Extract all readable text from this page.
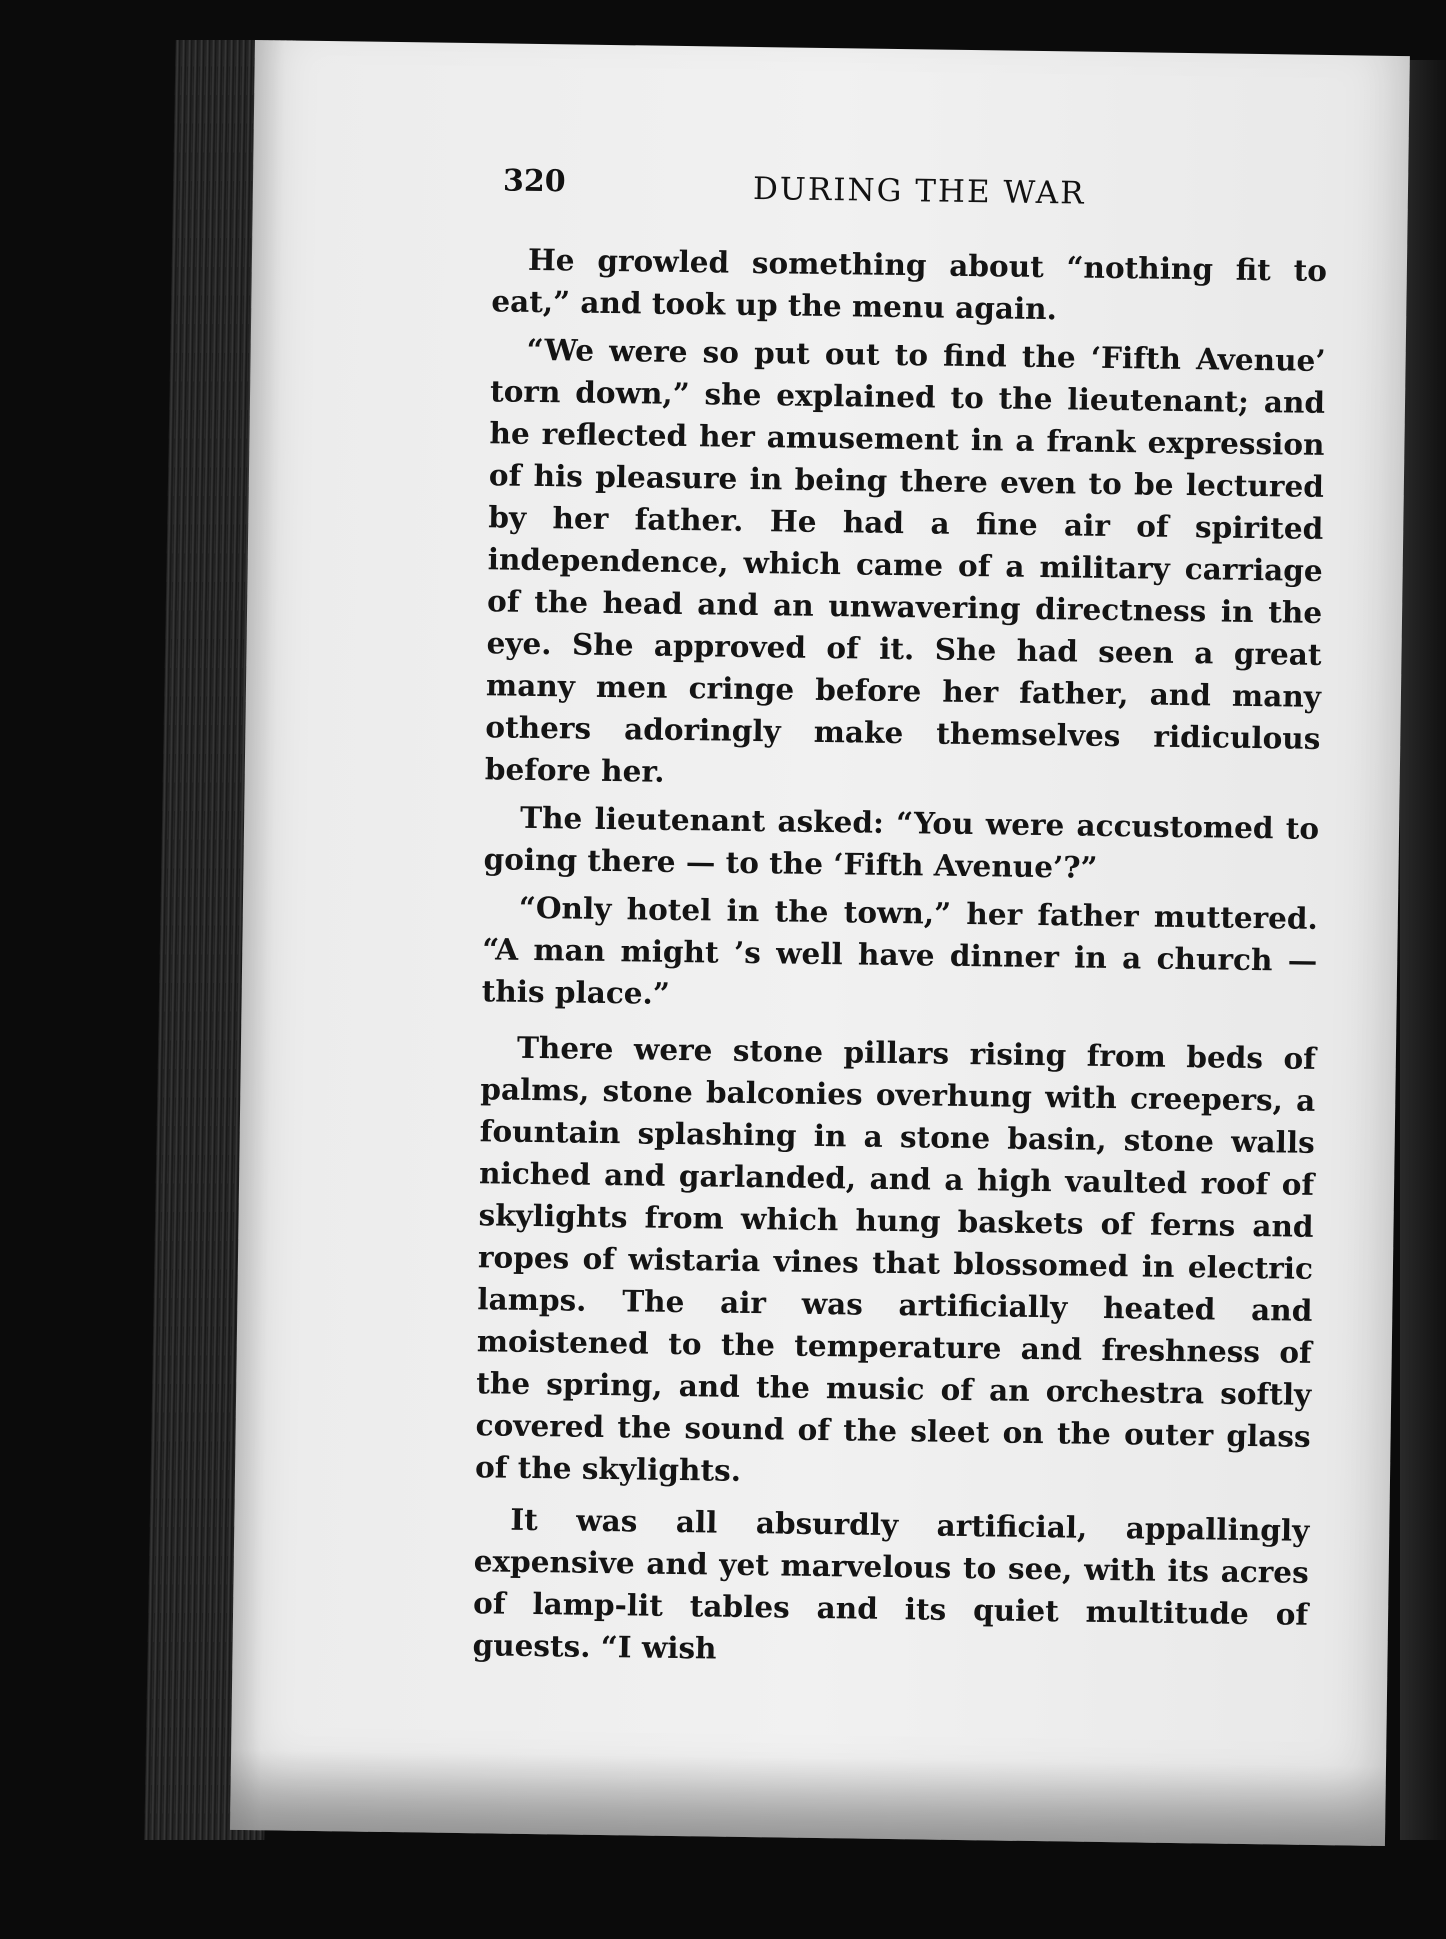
320	DURING THE WAR

He growled something about “nothing fit to eat,” and took up the menu again.

“We were so put out to find the ‘Fifth Avenue’ torn down,” she explained to the lieutenant; and he reflected her amusement in a frank expression of his pleasure in being there even to be lectured by her father. He had a fine air of spirited independence, which came of a military carriage of the head and an unwavering directness in the eye. She approved of it. She had seen a great many men cringe before her father, and many others adoringly make themselves ridiculous before her.

The lieutenant asked: “You were accustomed to going there — to the ‘Fifth Avenue’?”

“Only hotel in the town,” her father muttered. “A man might ’s well have dinner in a church — this place.”

There were stone pillars rising from beds of palms, stone balconies overhung with creepers, a fountain splashing in a stone basin, stone walls niched and garlanded, and a high vaulted roof of skylights from which hung baskets of ferns and ropes of wistaria vines that blossomed in electric lamps. The air was artificially heated and moistened to the temperature and freshness of the spring, and the music of an orchestra softly covered the sound of the sleet on the outer glass of the skylights.

It was all absurdly artificial, appallingly expensive and yet marvelous to see, with its acres of lamp-lit tables and its quiet multitude of guests. “I wish
